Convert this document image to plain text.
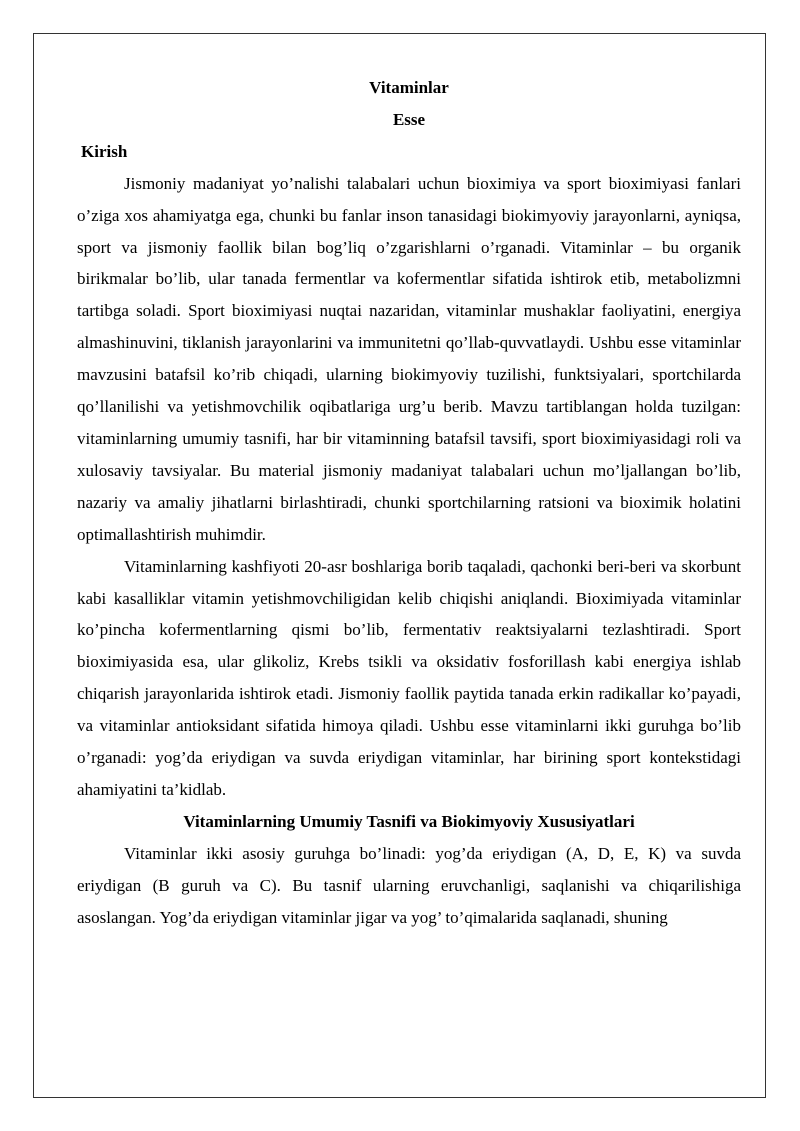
Vitaminlar

Esse

Kirish

Jismoniy madaniyat yo’nalishi talabalari uchun bioximiya va sport bioximiyasi fanlari o’ziga xos ahamiyatga ega, chunki bu fanlar inson tanasidagi biokimyoviy jarayonlarni, ayniqsa, sport va jismoniy faollik bilan bog’liq o’zgarishlarni o’rganadi. Vitaminlar – bu organik birikmalar bo’lib, ular tanada fermentlar va kofermentlar sifatida ishtirok etib, metabolizmni tartibga soladi. Sport bioximiyasi nuqtai nazaridan, vitaminlar mushaklar faoliyatini, energiya almashinuvini, tiklanish jarayonlarini va immunitetni qo’llab-quvvatlaydi. Ushbu esse vitaminlar mavzusini batafsil ko’rib chiqadi, ularning biokimyoviy tuzilishi, funktsiyalari, sportchilarda qo’llanilishi va yetishmovchilik oqibatlariga urg’u berib. Mavzu tartiblangan holda tuzilgan: vitaminlarning umumiy tasnifi, har bir vitaminning batafsil tavsifi, sport bioximiyasidagi roli va xulosaviy tavsiyalar. Bu material jismoniy madaniyat talabalari uchun mo’ljallangan bo’lib, nazariy va amaliy jihatlarni birlashtiradi, chunki sportchilarning ratsioni va bioximik holatini optimallashtirish muhimdir.

Vitaminlarning kashfiyoti 20-asr boshlariga borib taqaladi, qachonki beri-beri va skorbunt kabi kasalliklar vitamin yetishmovchiligidan kelib chiqishi aniqlandi. Bioximiyada vitaminlar ko’pincha kofermentlarning qismi bo’lib, fermentativ reaktsiyalarni tezlashtiradi. Sport bioximiyasida esa, ular glikoliz, Krebs tsikli va oksidativ fosforillash kabi energiya ishlab chiqarish jarayonlarida ishtirok etadi. Jismoniy faollik paytida tanada erkin radikallar ko’payadi, va vitaminlar antioksidant sifatida himoya qiladi. Ushbu esse vitaminlarni ikki guruhga bo’lib o’rganadi: yog’da eriydigan va suvda eriydigan vitaminlar, har birining sport kontekstidagi ahamiyatini ta’kidlab.

Vitaminlarning Umumiy Tasnifi va Biokimyoviy Xususiyatlari

Vitaminlar ikki asosiy guruhga bo’linadi: yog’da eriydigan (A, D, E, K) va suvda eriydigan (B guruh va C). Bu tasnif ularning eruvchanligi, saqlanishi va chiqarilishiga asoslangan. Yog’da eriydigan vitaminlar jigar va yog’ to’qimalarida saqlanadi, shuning
